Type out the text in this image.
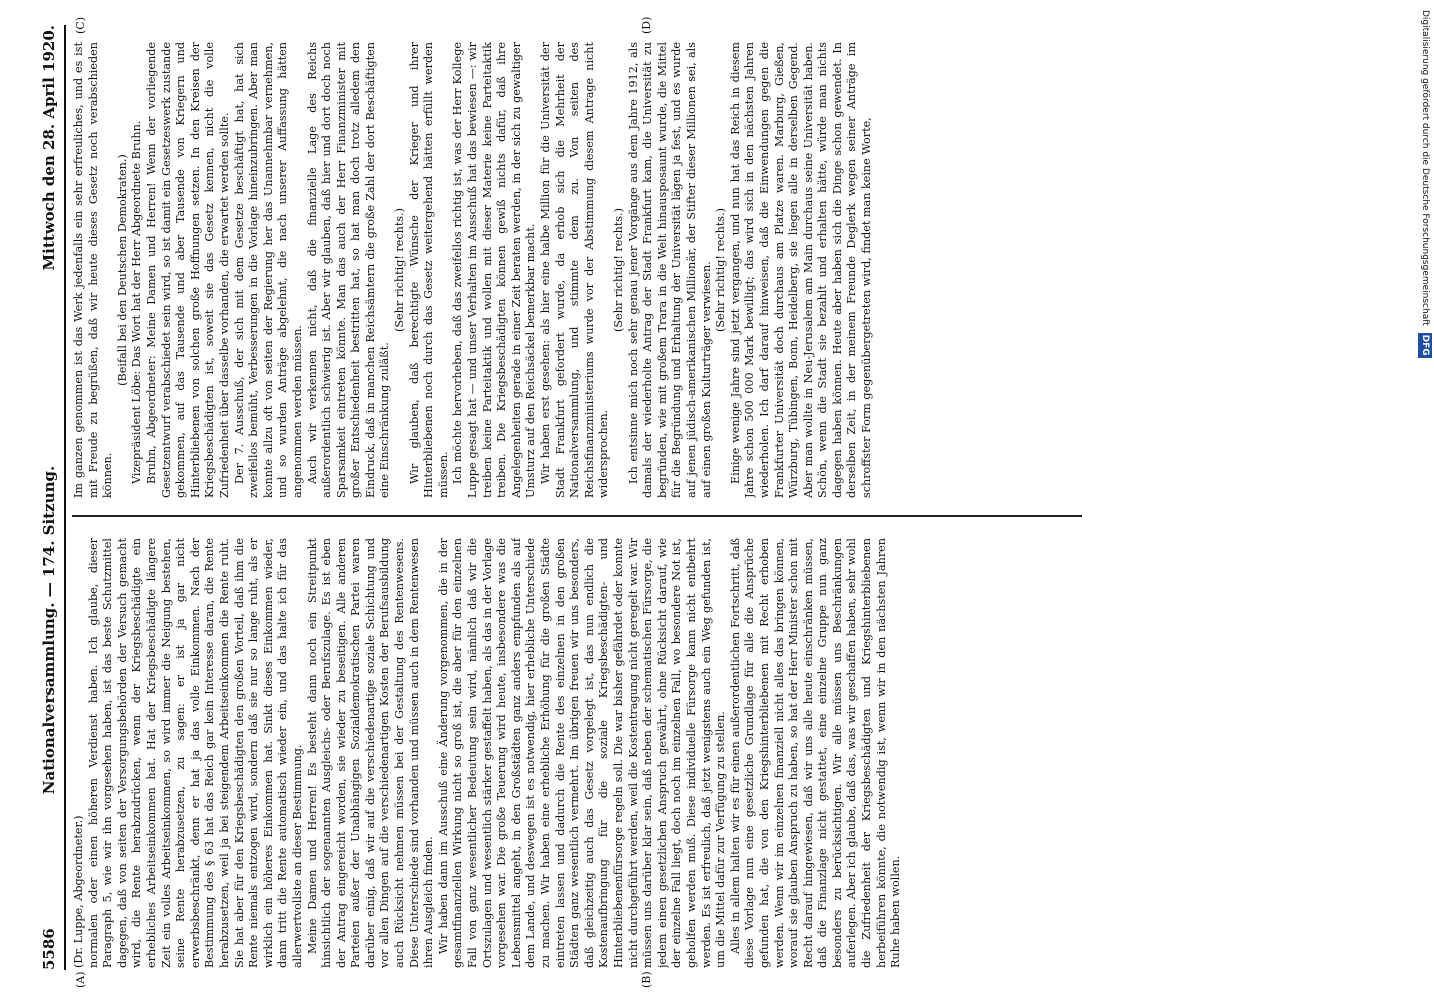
5586
Nationalversammlung. — 174. Sitzung.
Mittwoch den 28. April 1920.
(A)	(B)
(C)	(D)

(Dr. Luppe, Abgeordneter.) normalen oder einen höheren Verdienst haben. Ich glaube, dieser Paragraph 5, wie wir ihn vorgesehen haben, ist das beste Schutzmittel dagegen, daß von seiten der Versorgungsbehörden der Versuch gemacht wird, die Rente herabzudrücken, wenn der Kriegsbeschädigte ein erhebliches Arbeitseinkommen hat. Hat der Kriegsbeschädigte längere Zeit ein volles Arbeitseinkommen, so wird immer die Neigung bestehen, seine Rente herabzusetzen, zu sagen: er ist ja gar nicht erwerbsbeschränkt, denn er hat ja das volle Einkommen. Nach der Bestimmung des § 63 hat das Reich gar kein Interesse daran, die Rente herabzusetzen, weil ja bei steigendem Arbeitseinkommen die Rente ruht. Sie hat aber für den Kriegsbeschädigten den großen Vorteil, daß ihm die Rente niemals entzogen wird, sondern daß sie nur so lange ruht, als er wirklich ein höheres Einkommen hat. Sinkt dieses Einkommen wieder, dann tritt die Rente automatisch wieder ein, und das halte ich für das allerwertvollste an dieser Bestimmung. Meine Damen und Herren! Es besteht dann noch ein Streitpunkt hinsichtlich der sogenannten Ausgleichs- oder Berufszulage. Es ist eben der Antrag eingereicht worden, sie wieder zu beseitigen. Alle anderen Parteien außer der Unabhängigen Sozialdemokratischen Partei waren darüber einig, daß wir auf die verschiedenartige soziale Schichtung und vor allen Dingen auf die verschiedenartigen Kosten der Berufsausbildung auch Rücksicht nehmen müssen bei der Gestaltung des Rentenwesens. Diese Unterschiede sind vorhanden und müssen auch in dem Rentenwesen ihren Ausgleich finden. Wir haben dann im Ausschuß eine Änderung vorgenommen, die in der gesamtfinanziellen Wirkung nicht so groß ist, die aber für den einzelnen Fall von ganz wesentlicher Bedeutung sein wird, nämlich daß wir die Ortszulagen und wesentlich stärker gestaffelt haben, als das in der Vorlage vorgesehen war. Die große Teuerung wird heute, insbesondere was die Lebensmittel angeht, in den Großstädten ganz anders empfunden als auf dem Lande, und deswegen ist es notwendig, hier erhebliche Unterschiede zu machen. Wir haben eine erhebliche Erhöhung für die großen Städte eintreten lassen und dadurch die Rente des einzelnen in den großen Städten ganz wesentlich vermehrt. Im übrigen freuen wir uns besonders, daß gleichzeitig auch das Gesetz vorgelegt ist, das nun endlich die Kostenaufbringung für die soziale Kriegsbeschädigten- und Hinterbliebenenfürsorge regeln soll. Die war bisher gefährdet oder konnte nicht durchgeführt werden, weil die Kostentragung nicht geregelt war. Wir müssen uns darüber klar sein, daß neben der schematischen Fürsorge, die jedem einen gesetzlichen Anspruch gewährt, ohne Rücksicht darauf, wie der einzelne Fall liegt, doch noch im einzelnen Fall, wo besondere Not ist, geholfen werden muß. Diese individuelle Fürsorge kann nicht entbehrt werden. Es ist erfreulich, daß jetzt wenigstens auch ein Weg gefunden ist, um die Mittel dafür zur Verfügung zu stellen. Alles in allem halten wir es für einen außerordentlichen Fortschritt, daß diese Vorlage nun eine gesetzliche Grundlage für alle die Ansprüche gefunden hat, die von den Kriegshinterbliebenen mit Recht erhoben werden. Wenn wir im einzelnen finanziell nicht alles das bringen können, worauf sie glauben Anspruch zu haben, so hat der Herr Minister schon mit Recht darauf hingewiesen, daß wir uns alle heute einschränken müssen, daß die Finanzlage nicht gestattet, eine einzelne Gruppe nun ganz besonders zu berücksichtigen. Wir alle müssen uns Beschränkungen auferlegen. Aber ich glaube, daß das, was wir geschaffen haben, sehr wohl die Zufriedenheit der Kriegsbeschädigten und Kriegshinterbliebenen herbeiführen könnte, die notwendig ist, wenn wir in den nächsten Jahren Ruhe haben wollen.

Im ganzen genommen ist das Werk jedenfalls ein sehr erfreuliches, und es ist mit Freude zu begrüßen, daß wir heute dieses Gesetz noch verabschieden können.

(Beifall bei den Deutschen Demokraten.) Vizepräsident Löbe: Das Wort hat der Herr Abgeordnete Bruhn. Bruhn, Abgeordneter: Meine Damen und Herren! Wenn der vorliegende Gesetzentwurf verabschiedet sein wird, so ist damit ein Gesetzeswerk zustande gekommen, auf das Tausende und aber Tausende von Kriegern und Hinterbliebenen von solchen große Hoffnungen setzen. In den Kreisen der Kriegsbeschädigten ist, soweit sie das Gesetz kennen, nicht die volle Zufriedenheit über dasselbe vorhanden, die erwartet werden sollte. Der 7. Ausschuß, der sich mit dem Gesetze beschäftigt hat, hat sich zweifellos bemüht, Verbesserungen in die Vorlage hineinzubringen. Aber man konnte allzu oft von seiten der Regierung her das Unannehmbar vernehmen, und so wurden Anträge abgelehnt, die nach unserer Auffassung hätten angenommen werden müssen. Auch wir verkennen nicht, daß die finanzielle Lage des Reichs außerordentlich schwierig ist. Aber wir glauben, daß hier und dort doch noch Sparsamkeit eintreten könnte. Man das auch der Herr Finanzminister mit großer Entschiedenheit bestritten hat, so hat man doch trotz alledem den Eindruck, daß in manchen Reichsämtern die große Zahl der dort Beschäftigten eine Einschränkung zuläßt.

(Sehr richtig! rechts.) Wir glauben, daß berechtigte Wünsche der Krieger und ihrer Hinterbliebenen noch durch das Gesetz weitergehend hätten erfüllt werden müssen. Ich möchte hervorheben, daß das zweifellos richtig ist, was der Herr Kollege Luppe gesagt hat — und unser Verhalten im Ausschuß hat das bewiesen —: wir treiben keine Parteitaktik und wollen mit dieser Materie keine Parteitaktik treiben. Die Kriegsbeschädigten können gewiß nichts dafür, daß ihre Angelegenheiten gerade in einer Zeit beraten werden, in der sich zu gewaltiger Umsturz auf den Reichsäckel bemerkbar macht. Wir haben erst gesehen: als hier eine halbe Million für die Universität der Stadt Frankfurt gefordert wurde, da erhob sich die Mehrheit der Nationalversammlung, und stimmte dem zu. Von seiten des Reichsfinanzministeriums wurde vor der Abstimmung diesem Antrage nicht widersprochen.

(Sehr richtig! rechts.) Ich entsinne mich noch sehr genau jener Vorgänge aus dem Jahre 1912, als damals der wiederholte Antrag der Stadt Frankfurt kam, die Universität zu begründen, wie mit großem Trara in die Welt hinausposaunt wurde, die Mittel für die Begründung und Erhaltung der Universität lägen ja fest, und es wurde auf jenen jüdisch-amerikanischen Millionär, der Stifter dieser Millionen sei, als auf einen großen Kulturträger verwiesen. (Sehr richtig! rechts.) Einige wenige Jahre sind jetzt vergangen, und nun hat das Reich in diesem Jahre schon 500 000 Mark bewilligt; das wird sich in den nächsten Jahren wiederholen. Ich darf darauf hinweisen, daß die Einwendungen gegen die Frankfurter Universität doch durchaus am Platze waren. Marburg, Gießen, Würzburg, Tübingen, Bonn, Heidelberg, sie liegen alle in derselben Gegend. Aber man wollte in Neu-Jerusalem am Main durchaus seine Universität haben. Schön, wenn die Stadt sie bezahlt und erhalten hätte, würde man nichts dagegen haben können. Heute aber haben sich die Dinge schon gewendet. In derselben Zeit, in der meinem Freunde Deglerk wegen seiner Anträge im schroffster Form gegenübergetreten wird, findet man keine Worte,	Digitalisierung gefördert durch die Deutsche Forschungsgemeinschaft DFG
